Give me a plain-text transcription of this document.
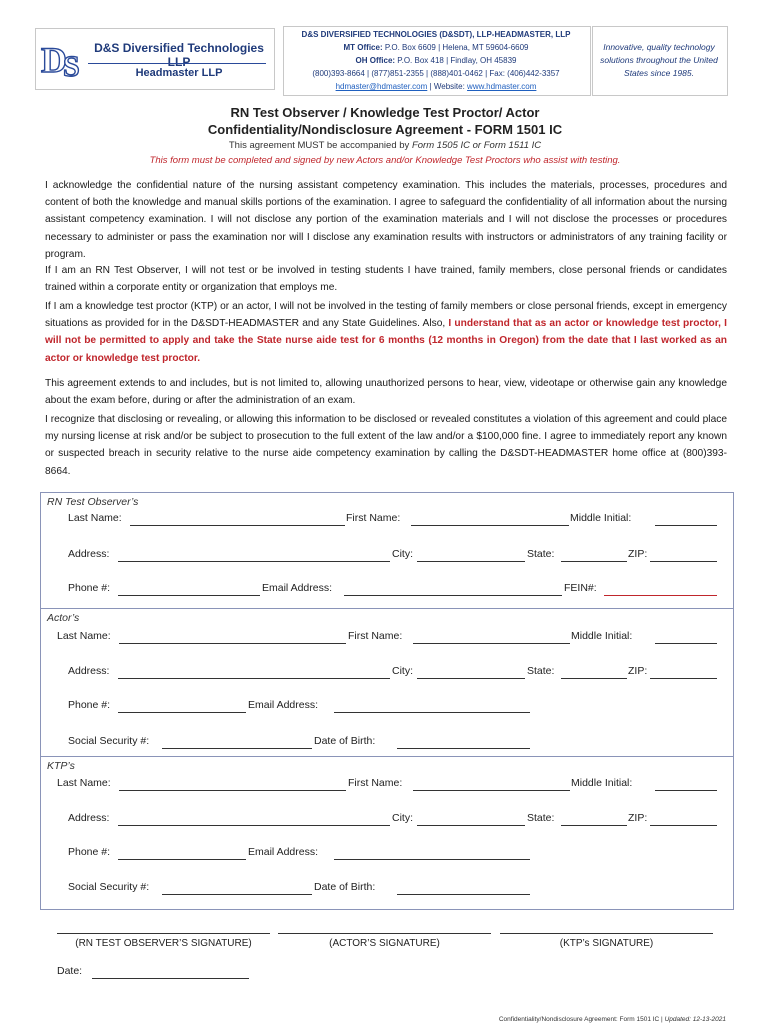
D
S
D&S Diversified Technologies LLP
Headmaster LLP
D&S DIVERSIFIED TECHNOLOGIES (D&SDT), LLP-HEADMASTER, LLP
MT Office: P.O. Box 6609 | Helena, MT 59604-6609
OH Office: P.O. Box 418 | Findlay, OH 45839
(800)393-8664 | (877)851-2355 | (888)401-0462 | Fax: (406)442-3357
hdmaster@hdmaster.com | Website: www.hdmaster.com
Innovative, quality technology solutions throughout the United States since 1985.
RN Test Observer / Knowledge Test Proctor/ Actor
Confidentiality/Nondisclosure Agreement - FORM 1501 IC
This agreement MUST be accompanied by Form 1505 IC or Form 1511 IC
This form must be completed and signed by new Actors and/or Knowledge Test Proctors who assist with testing.
I acknowledge the confidential nature of the nursing assistant competency examination. This includes the materials, processes, procedures and content of both the knowledge and manual skills portions of the examination. I agree to safeguard the confidentiality of all information about the nursing assistant competency examination. I will not disclose any portion of the examination materials and I will not disclose the processes or procedures necessary to administer or pass the examination nor will I disclose any examination results with instructors or administrators of any training facility or program.
If I am an RN Test Observer, I will not test or be involved in testing students I have trained, family members, close personal friends or candidates trained within a corporate entity or organization that employs me.
If I am a knowledge test proctor (KTP) or an actor, I will not be involved in the testing of family members or close personal friends, except in emergency situations as provided for in the D&SDT-HEADMASTER and any State Guidelines. Also, I understand that as an actor or knowledge test proctor, I will not be permitted to apply and take the State nurse aide test for 6 months (12 months in Oregon) from the date that I last worked as an actor or knowledge test proctor.
This agreement extends to and includes, but is not limited to, allowing unauthorized persons to hear, view, videotape or otherwise gain any knowledge about the exam before, during or after the administration of an exam.
I recognize that disclosing or revealing, or allowing this information to be disclosed or revealed constitutes a violation of this agreement and could place my nursing license at risk and/or be subject to prosecution to the full extent of the law and/or a $100,000 fine. I agree to immediately report any known or suspected breach in security relative to the nurse aide competency examination by calling the D&SDT-HEADMASTER home office at (800)393-8664.
RN Test Observer’s
Last Name:	First Name:	Middle Initial:
Address:	City:	State:	ZIP:
Phone #:	Email Address:	FEIN#:
Actor’s
Last Name:	First Name:	Middle Initial:
Address:	City:	State:	ZIP:
Phone #:	Email Address:
Social Security #:	Date of Birth:
KTP’s
Last Name:	First Name:	Middle Initial:
Address:	City:	State:	ZIP:
Phone #:	Email Address:
Social Security #:	Date of Birth:
(RN TEST OBSERVER’S SIGNATURE)	(ACTOR’S SIGNATURE)	(KTP’s SIGNATURE)
Date:
Confidentiality/Nondisclosure Agreement: Form 1501 IC | Updated: 12-13-2021
